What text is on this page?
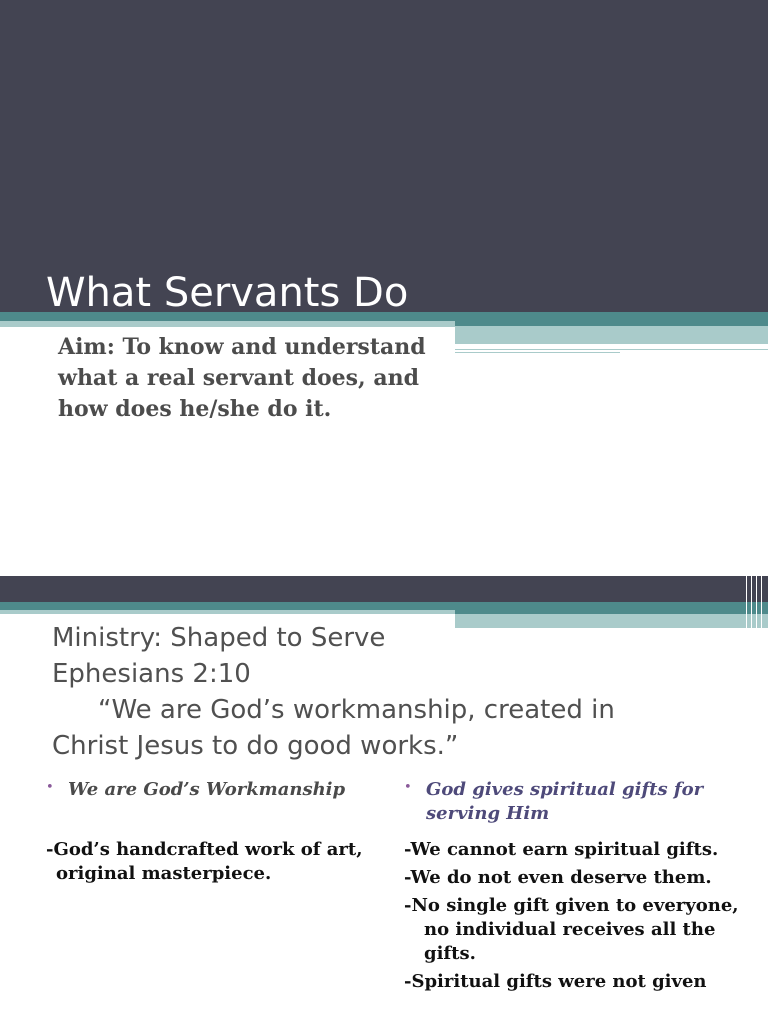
What Servants Do

Aim: To know and understand what a real servant does, and how does he/she do it.

Ministry: Shaped to Serve
Ephesians 2:10
“We are God’s workmanship, created in
Christ Jesus to do good works.”
• We are God’s Workmanship
-God’s handcrafted work of art, original masterpiece.
• God gives spiritual gifts for serving Him
-We cannot earn spiritual gifts.
-We do not even deserve them.
-No single gift given to everyone, no individual receives all the gifts.
-Spiritual gifts were not given
